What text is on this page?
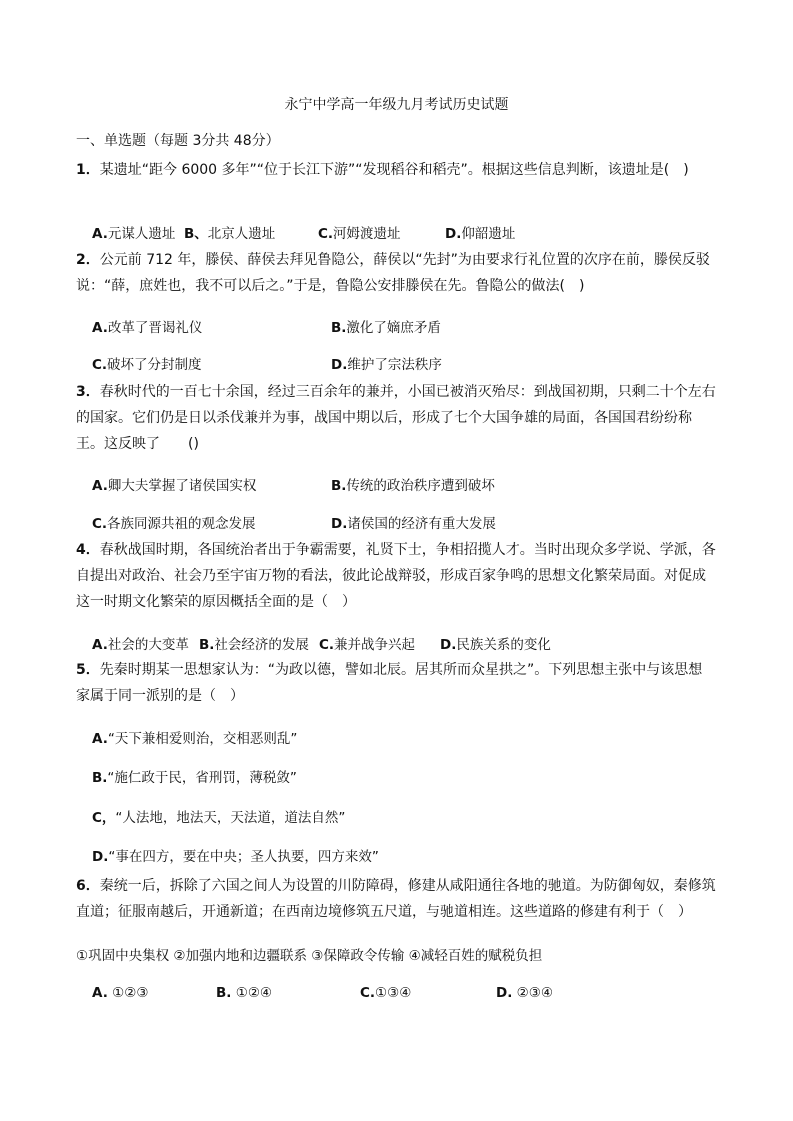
永宁中学高一年级九月考试历史试题
一、单选题（每题 3分共 48分）
1．某遗址“距今 6000 多年”“位于长江下游”“发现稻谷和稻壳”。根据这些信息判断，该遗址是(　)
A.元谋人遗址 B、北京人遗址	C.河姆渡遗址	D.仰韶遗址
2．公元前 712 年，滕侯、薛侯去拜见鲁隐公，薛侯以“先封”为由要求行礼位置的次序在前，滕侯反驳说：“薛，庶姓也，我不可以后之。”于是，鲁隐公安排滕侯在先。鲁隐公的做法(　)
A.改革了晋谒礼仪	B.激化了嫡庶矛盾
C.破坏了分封制度	D.维护了宗法秩序
3．春秋时代的一百七十余国，经过三百余年的兼并，小国已被消灭殆尽：到战国初期，只剩二十个左右的国家。它们仍是日以杀伐兼并为事，战国中期以后，形成了七个大国争雄的局面，各国国君纷纷称王。这反映了　　()
A.卿大夫掌握了诸侯国实权	B.传统的政治秩序遭到破坏
C.各族同源共祖的观念发展	D.诸侯国的经济有重大发展
4．春秋战国时期，各国统治者出于争霸需要，礼贤下士，争相招揽人才。当时出现众多学说、学派，各自提出对政治、社会乃至宇宙万物的看法，彼此论战辩驳，形成百家争鸣的思想文化繁荣局面。对促成这一时期文化繁荣的原因概括全面的是（　）
A.社会的大变革 B.社会经济的发展 C.兼并战争兴起 D.民族关系的变化
5．先秦时期某一思想家认为：“为政以德，譬如北辰。居其所而众星拱之”。下列思想主张中与该思想家属于同一派别的是（　）
A.“天下兼相爱则治，交相恶则乱”
B.“施仁政于民，省刑罚，薄税敛”
C，“人法地，地法天，天法道，道法自然”
D.“事在四方，要在中央；圣人执要，四方来效”
6．秦统一后，拆除了六国之间人为设置的川防障碍，修建从咸阳通往各地的驰道。为防御匈奴，秦修筑直道；征服南越后，开通新道；在西南边境修筑五尺道，与驰道相连。这些道路的修建有利于（　）
①巩固中央集权 ②加强内地和边疆联系 ③保障政令传输 ④减轻百姓的赋税负担
A. ①②③	B. ①②④	C.①③④	D. ②③④
